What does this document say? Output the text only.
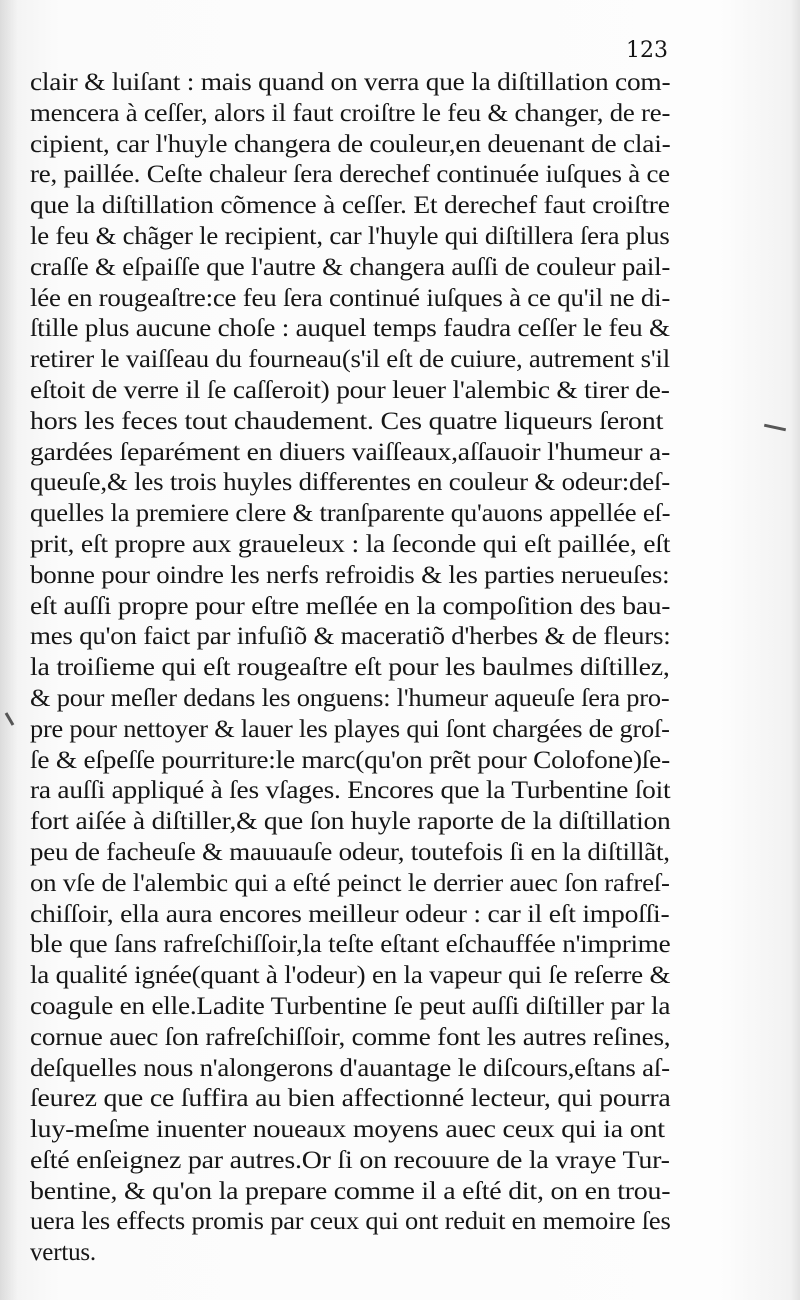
123
clair & luiſant : mais quand on verra que la diſtillation com-
mencera à ceſſer, alors il faut croiſtre le feu & changer, de re-
cipient, car l'huyle changera de couleur,en deuenant de clai-
re, paillée. Ceſte chaleur ſera derechef continuée iuſques à ce
que la diſtillation cõmence à ceſſer. Et derechef faut croiſtre
le feu & chãger le recipient, car l'huyle qui diſtillera ſera plus
craſſe & eſpaiſſe que l'autre & changera auſſi de couleur pail-
lée en rougeaſtre:ce feu ſera continué iuſques à ce qu'il ne di-
ſtille plus aucune choſe : auquel temps faudra ceſſer le feu &
retirer le vaiſſeau du fourneau(s'il eſt de cuiure, autrement s'il
eſtoit de verre il ſe caſſeroit) pour leuer l'alembic & tirer de-
hors les feces tout chaudement. Ces quatre liqueurs ſeront
gardées ſeparément en diuers vaiſſeaux,aſſauoir l'humeur a-
queuſe,& les trois huyles differentes en couleur & odeur:deſ-
quelles la premiere clere & tranſparente qu'auons appellée eſ-
prit, eſt propre aux graueleux : la ſeconde qui eſt paillée, eſt
bonne pour oindre les nerfs refroidis & les parties nerueuſes:
eſt auſſi propre pour eſtre meſlée en la compoſition des bau-
mes qu'on faict par infuſiõ & maceratiõ d'herbes & de fleurs:
la troiſieme qui eſt rougeaſtre eſt pour les baulmes diſtillez,
& pour meſler dedans les onguens: l'humeur aqueuſe ſera pro-
pre pour nettoyer & lauer les playes qui ſont chargées de groſ-
ſe & eſpeſſe pourriture:le marc(qu'on prẽt pour Colofone)ſe-
ra auſſi appliqué à ſes vſages. Encores que la Turbentine ſoit
fort aiſée à diſtiller,& que ſon huyle raporte de la diſtillation
peu de facheuſe & mauuauſe odeur, toutefois ſi en la diſtillãt,
on vſe de l'alembic qui a eſté peinct le derrier auec ſon rafreſ-
chiſſoir, ella aura encores meilleur odeur : car il eſt impoſſi-
ble que ſans rafreſchiſſoir,la teſte eſtant eſchauffée n'imprime
la qualité ignée(quant à l'odeur) en la vapeur qui ſe reſerre &
coagule en elle.Ladite Turbentine ſe peut auſſi diſtiller par la
cornue auec ſon rafreſchiſſoir, comme font les autres reſines,
deſquelles nous n'alongerons d'auantage le diſcours,eſtans aſ-
ſeurez que ce ſuffira au bien affectionné lecteur, qui pourra
luy-meſme inuenter noueaux moyens auec ceux qui ia ont
eſté enſeignez par autres.Or ſi on recouure de la vraye Tur-
bentine, & qu'on la prepare comme il a eſté dit, on en trou-
uera les effects promis par ceux qui ont reduit en memoire ſes
vertus.
